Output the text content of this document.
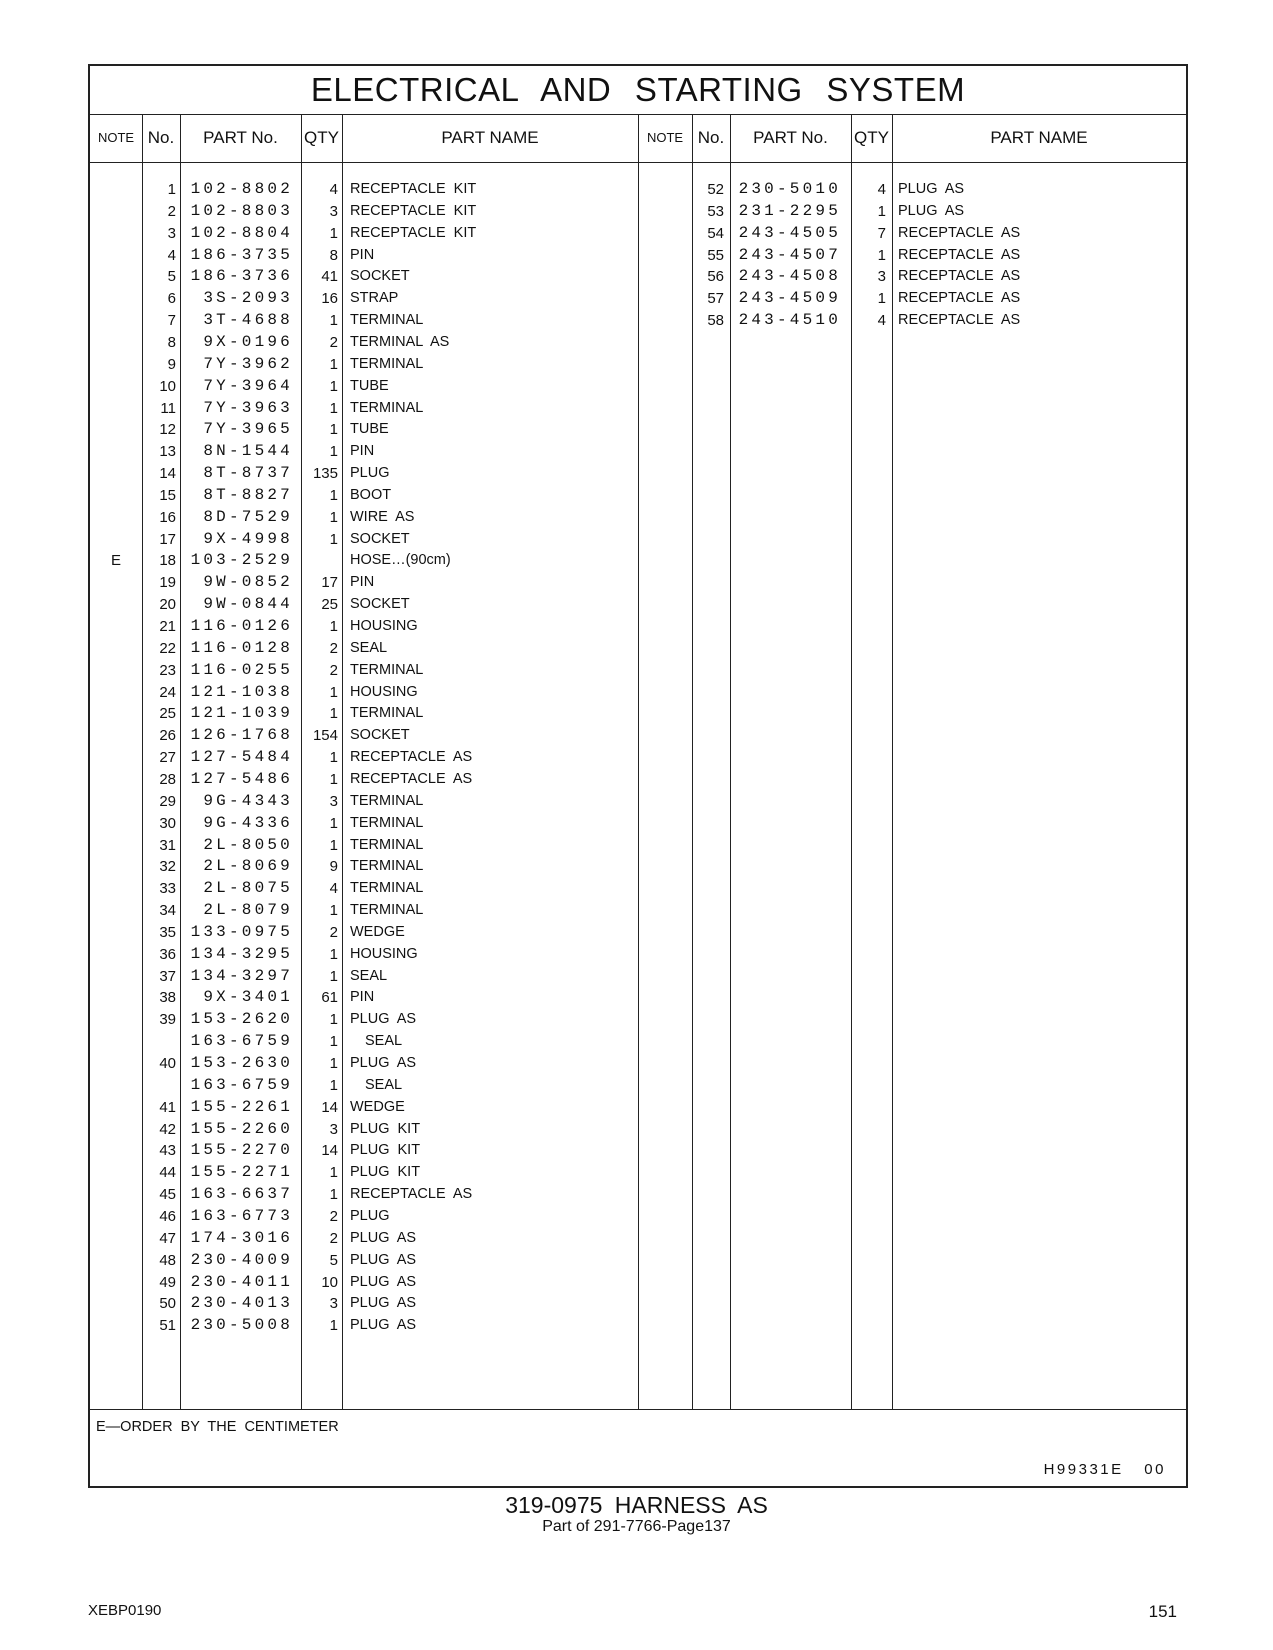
ELECTRICAL AND STARTING SYSTEM
NOTE No.	PART No.	QTY	PART NAME	NOTE No.	PART No.	QTY	PART NAME
1 102-8802	4 RECEPTACLE KIT
2 102-8803	3 RECEPTACLE KIT
3 102-8804	1 RECEPTACLE KIT
4 186-3735	8 PIN
5 186-3736	41 SOCKET
6	3S-2093	16 STRAP
7	3T-4688	1 TERMINAL
8	9X-0196	2 TERMINAL AS
9	7Y-3962	1 TERMINAL
10	7Y-3964	1 TUBE
11	7Y-3963	1 TERMINAL
12	7Y-3965	1 TUBE
13	8N-1544	1 PIN
14	8T-8737	135 PLUG
15	8T-8827	1 BOOT
16	8D-7529	1 WIRE AS
17	9X-4998	1 SOCKET
E	18 103-2529	HOSE…(90cm)
19	9W-0852	17 PIN
20	9W-0844	25 SOCKET
21 116-0126	1 HOUSING
22 116-0128	2 SEAL
23 116-0255	2 TERMINAL
24 121-1038	1 HOUSING
25 121-1039	1 TERMINAL
26 126-1768	154 SOCKET
27 127-5484	1 RECEPTACLE AS
28 127-5486	1 RECEPTACLE AS
29	9G-4343	3 TERMINAL
30	9G-4336	1 TERMINAL
31	2L-8050	1 TERMINAL
32	2L-8069	9 TERMINAL
33	2L-8075	4 TERMINAL
34	2L-8079	1 TERMINAL
35 133-0975	2 WEDGE
36 134-3295	1 HOUSING
37 134-3297	1 SEAL
38	9X-3401	61 PIN
39 153-2620	1 PLUG AS
163-6759	1	SEAL
40 153-2630	1 PLUG AS
163-6759	1	SEAL
41 155-2261	14 WEDGE
42 155-2260	3 PLUG KIT
43 155-2270	14 PLUG KIT
44 155-2271	1 PLUG KIT
45 163-6637	1 RECEPTACLE AS
46 163-6773	2 PLUG
47 174-3016	2 PLUG AS
48 230-4009	5 PLUG AS
49 230-4011	10 PLUG AS
50 230-4013	3 PLUG AS
51 230-5008	1 PLUG AS
52 230-5010	4 PLUG AS
53 231-2295	1 PLUG AS
54 243-4505	7 RECEPTACLE AS
55 243-4507	1 RECEPTACLE AS
56 243-4508	3 RECEPTACLE AS
57 243-4509	1 RECEPTACLE AS
58 243-4510	4 RECEPTACLE AS
E—ORDER BY THE CENTIMETER
H99331E 00
319-0975 HARNESS AS
Part of 291-7766-Page137
XEBP0190	151
